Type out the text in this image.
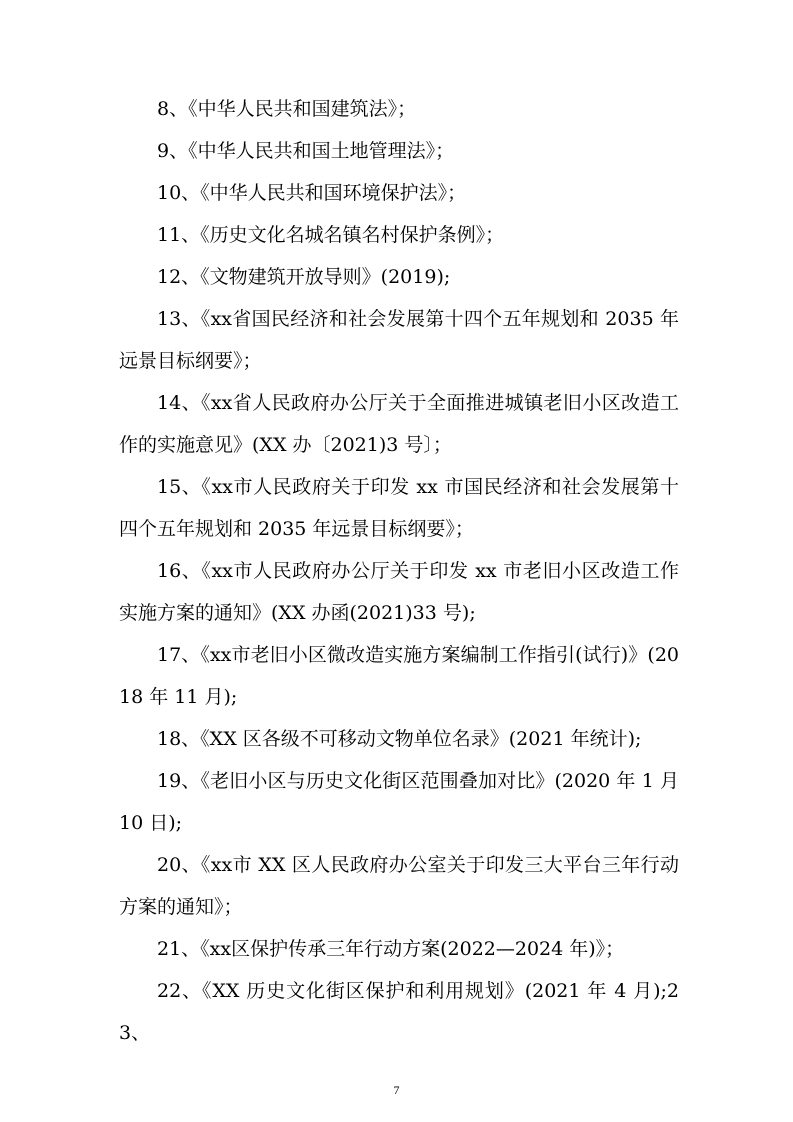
8、《中华人民共和国建筑法》；

9、《中华人民共和国土地管理法》；

10、《中华人民共和国环境保护法》；

11、《历史文化名城名镇名村保护条例》；

12、《文物建筑开放导则》(2019);

13、《xx省国民经济和社会发展第十四个五年规划和 2035 年远景目标纲要》；

14、《xx省人民政府办公厅关于全面推进城镇老旧小区改造工作的实施意见》(XX 办〔2021)3 号〕；

15、《xx市人民政府关于印发 xx 市国民经济和社会发展第十四个五年规划和 2035 年远景目标纲要》；

16、《xx市人民政府办公厅关于印发 xx 市老旧小区改造工作实施方案的通知》(XX 办函(2021)33 号);

17、《xx市老旧小区微改造实施方案编制工作指引(试行)》(2018 年 11 月);

18、《XX 区各级不可移动文物单位名录》(2021 年统计);

19、《老旧小区与历史文化街区范围叠加对比》(2020 年 1 月 10 日);

20、《xx市 XX 区人民政府办公室关于印发三大平台三年行动方案的通知》；

21、《xx区保护传承三年行动方案(2022—2024 年)》；

22、《XX 历史文化街区保护和利用规划》(2021 年 4 月);23、

7
